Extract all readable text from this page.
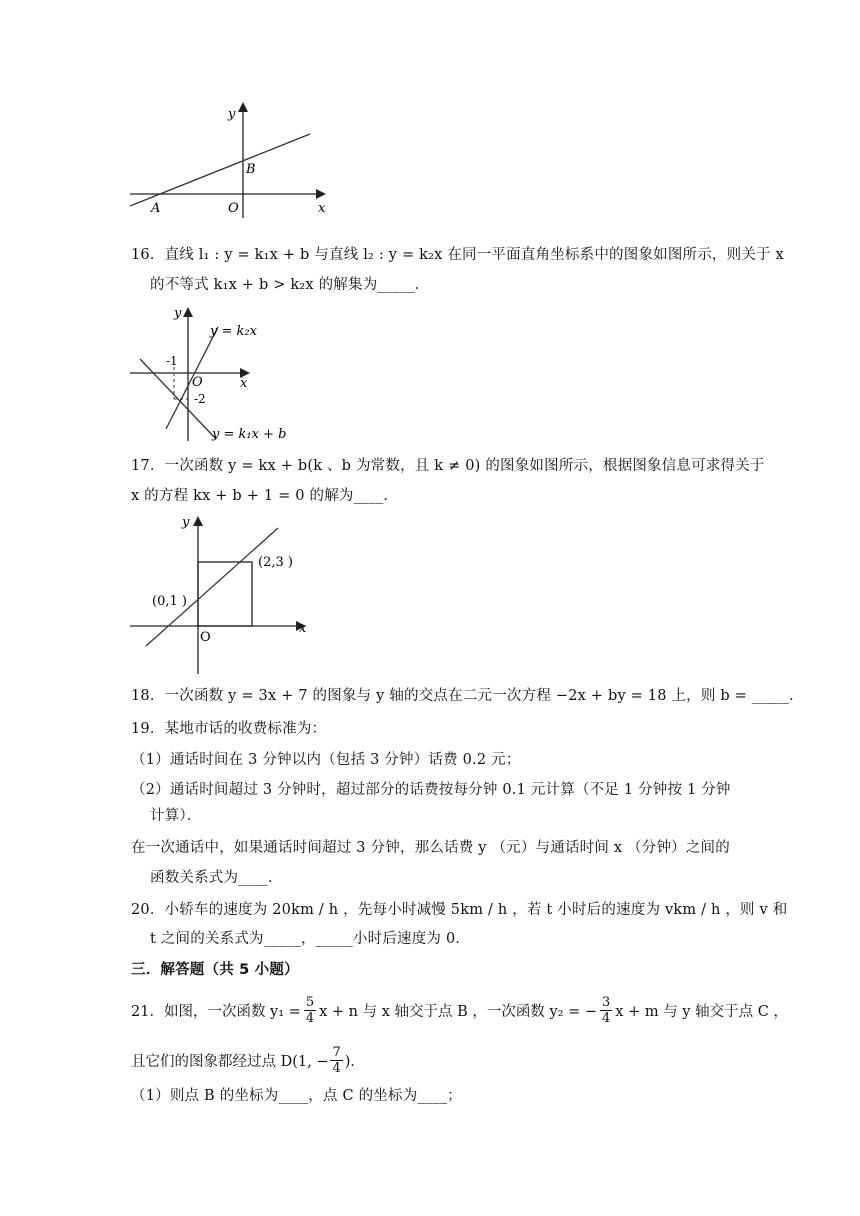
y
x
B
A	O
16．直线 l₁ : y = k₁x + b 与直线 l₂ : y = k₂x 在同一平面直角坐标系中的图象如图所示，则关于 x
的不等式 k₁x + b > k₂x 的解集为_____．
y
x
O
-1
-2
y = k₂x
y = k₁x + b
17．一次函数 y = kx + b(k 、b 为常数，且 k ≠ 0) 的图象如图所示，根据图象信息可求得关于
x 的方程 kx + b + 1 = 0 的解为____．
y
x
O
(2,3 )
(0,1 )
18．一次函数 y = 3x + 7 的图象与 y 轴的交点在二元一次方程 −2x + by = 18 上，则 b = _____．
19．某地市话的收费标准为：
（1）通话时间在 3 分钟以内（包括 3 分钟）话费 0.2 元；
（2）通话时间超过 3 分钟时，超过部分的话费按每分钟 0.1 元计算（不足 1 分钟按 1 分钟
计算）．
在一次通话中，如果通话时间超过 3 分钟，那么话费 y （元）与通话时间 x （分钟）之间的
函数关系式为____．
20．小轿车的速度为 20km / h ，先每小时减慢 5km / h ，若 t 小时后的速度为 vkm / h ，则 v 和
t 之间的关系式为_____，_____小时后速度为 0．
三．解答题（共 5 小题）
21．如图，一次函数 $y_1 = \frac{5}{4}$ x + n 与 x 轴交于点 B ，一次函数 y₂ = − $\frac{3}{4}$ x + m 与 y 轴交于点 C ，
且它们的图象都经过点 D(1, − $\frac{7}{4}$ )．
（1）则点 B 的坐标为____，点 C 的坐标为____；
